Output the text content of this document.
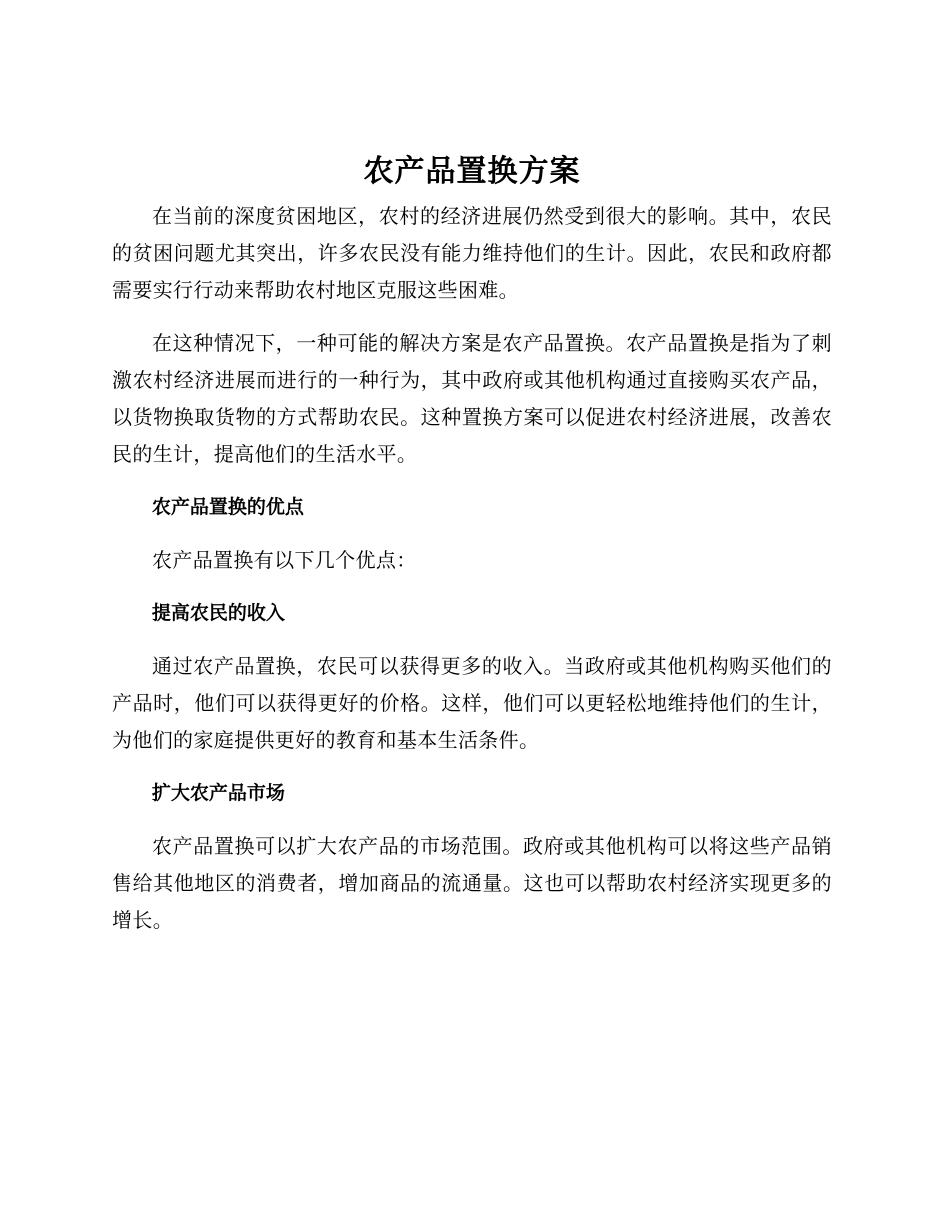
农产品置换方案

在当前的深度贫困地区，农村的经济进展仍然受到很大的影响。其中，农民的贫困问题尤其突出，许多农民没有能力维持他们的生计。因此，农民和政府都需要实行行动来帮助农村地区克服这些困难。

在这种情况下，一种可能的解决方案是农产品置换。农产品置换是指为了刺激农村经济进展而进行的一种行为，其中政府或其他机构通过直接购买农产品，以货物换取货物的方式帮助农民。这种置换方案可以促进农村经济进展，改善农民的生计，提高他们的生活水平。

农产品置换的优点

农产品置换有以下几个优点：

提高农民的收入

通过农产品置换，农民可以获得更多的收入。当政府或其他机构购买他们的产品时，他们可以获得更好的价格。这样，他们可以更轻松地维持他们的生计，为他们的家庭提供更好的教育和基本生活条件。

扩大农产品市场

农产品置换可以扩大农产品的市场范围。政府或其他机构可以将这些产品销售给其他地区的消费者，增加商品的流通量。这也可以帮助农村经济实现更多的增长。
